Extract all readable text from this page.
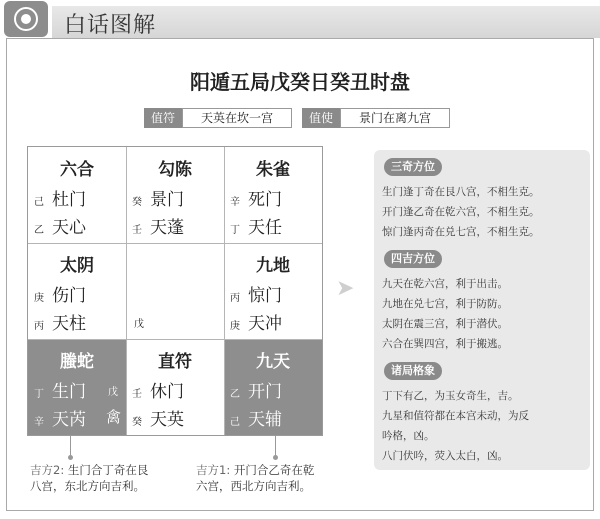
白话图解
阳遁五局戊癸日癸丑时盘
值符	天英在坎一宫	值使	景门在离九宫
六合
己 杜门
乙 天心
勾陈
癸 景门
壬 天蓬
朱雀
辛 死门
丁 天任
太阴
庚 伤门
丙 天柱	戊
九地
丙 惊门
庚 天冲
螣蛇
丁 生门 戊
辛 天芮 禽
直符
壬 休门
癸 天英
九天
乙 开门
己 天辅
吉方2: 生门合丁奇在艮
八宫，东北方向吉利。
吉方1: 开门合乙奇在乾
六宫，西北方向吉利。
➤
三奇方位
生门逢丁奇在艮八宫，不相生克。
开门逢乙奇在乾六宫，不相生克。
惊门逢丙奇在兑七宫，不相生克。
四吉方位
九天在乾六宫，利于出击。
九地在兑七宫，利于防防。
太阴在震三宫，利于潜伏。
六合在巽四宫，利于搬逃。
诸局格象
丁下有乙，为玉女奇生，吉。
九星和值符都在本宫未动，为反
吟格，凶。
八门伏吟，荧入太白，凶。
